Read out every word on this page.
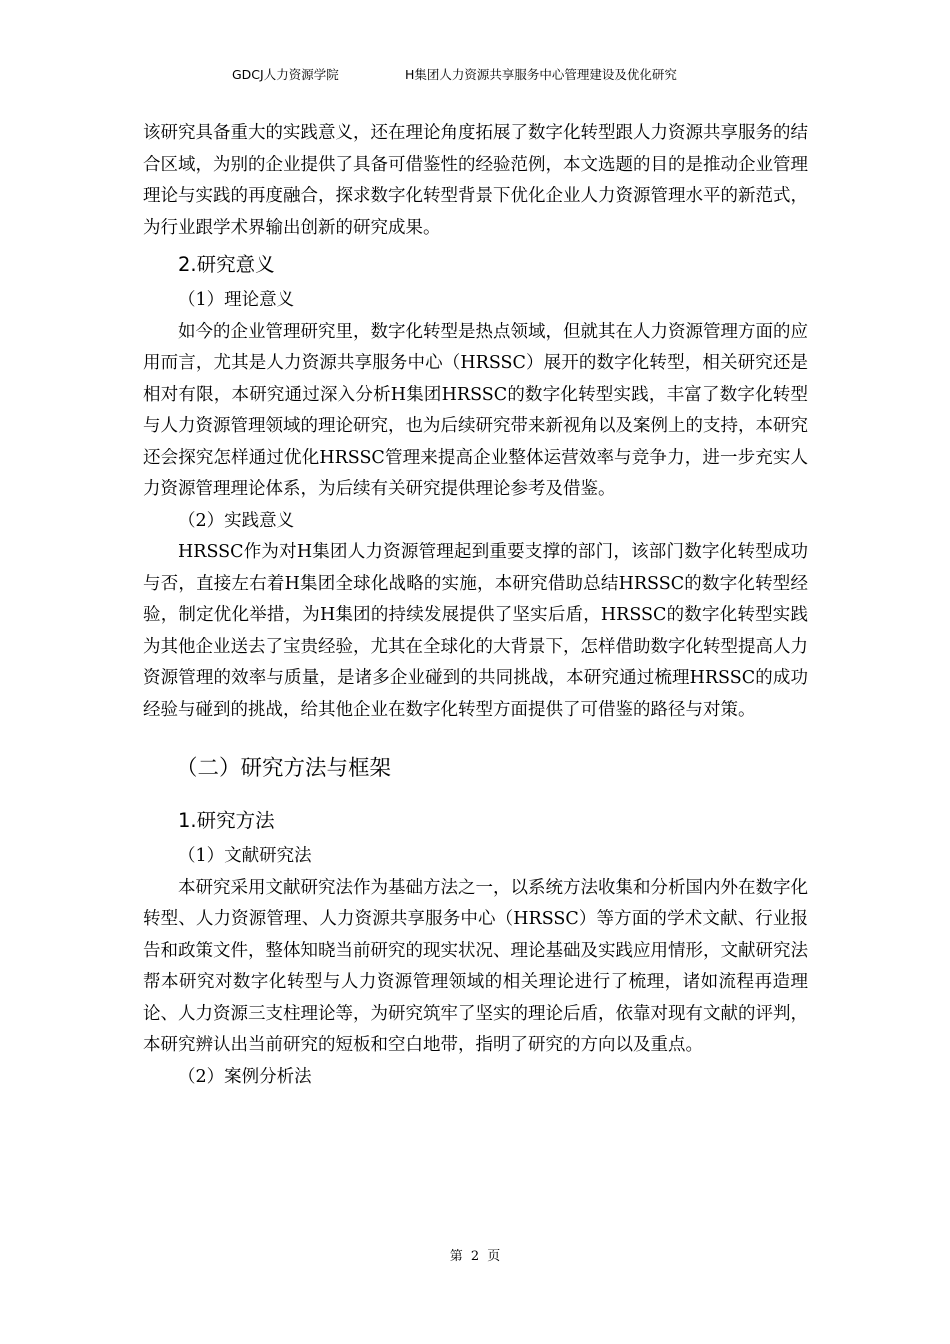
GDCJ人力资源学院	H集团人力资源共享服务中心管理建设及优化研究

该研究具备重大的实践意义，还在理论角度拓展了数字化转型跟人力资源共享服务的结合区域，为别的企业提供了具备可借鉴性的经验范例，本文选题的目的是推动企业管理理论与实践的再度融合，探求数字化转型背景下优化企业人力资源管理水平的新范式，为行业跟学术界输出创新的研究成果。

2.研究意义

（1）理论意义

如今的企业管理研究里，数字化转型是热点领域，但就其在人力资源管理方面的应用而言，尤其是人力资源共享服务中心（HRSSC）展开的数字化转型，相关研究还是相对有限，本研究通过深入分析H集团HRSSC的数字化转型实践，丰富了数字化转型与人力资源管理领域的理论研究，也为后续研究带来新视角以及案例上的支持，本研究还会探究怎样通过优化HRSSC管理来提高企业整体运营效率与竞争力，进一步充实人力资源管理理论体系，为后续有关研究提供理论参考及借鉴。

（2）实践意义

HRSSC作为对H集团人力资源管理起到重要支撑的部门，该部门数字化转型成功与否，直接左右着H集团全球化战略的实施，本研究借助总结HRSSC的数字化转型经验，制定优化举措，为H集团的持续发展提供了坚实后盾，HRSSC的数字化转型实践为其他企业送去了宝贵经验，尤其在全球化的大背景下，怎样借助数字化转型提高人力资源管理的效率与质量，是诸多企业碰到的共同挑战，本研究通过梳理HRSSC的成功经验与碰到的挑战，给其他企业在数字化转型方面提供了可借鉴的路径与对策。

（二）研究方法与框架

1.研究方法

（1）文献研究法

本研究采用文献研究法作为基础方法之一，以系统方法收集和分析国内外在数字化转型、人力资源管理、人力资源共享服务中心（HRSSC）等方面的学术文献、行业报告和政策文件，整体知晓当前研究的现实状况、理论基础及实践应用情形，文献研究法帮本研究对数字化转型与人力资源管理领域的相关理论进行了梳理，诸如流程再造理论、人力资源三支柱理论等，为研究筑牢了坚实的理论后盾，依靠对现有文献的评判，本研究辨认出当前研究的短板和空白地带，指明了研究的方向以及重点。

（2）案例分析法

第 2 页
